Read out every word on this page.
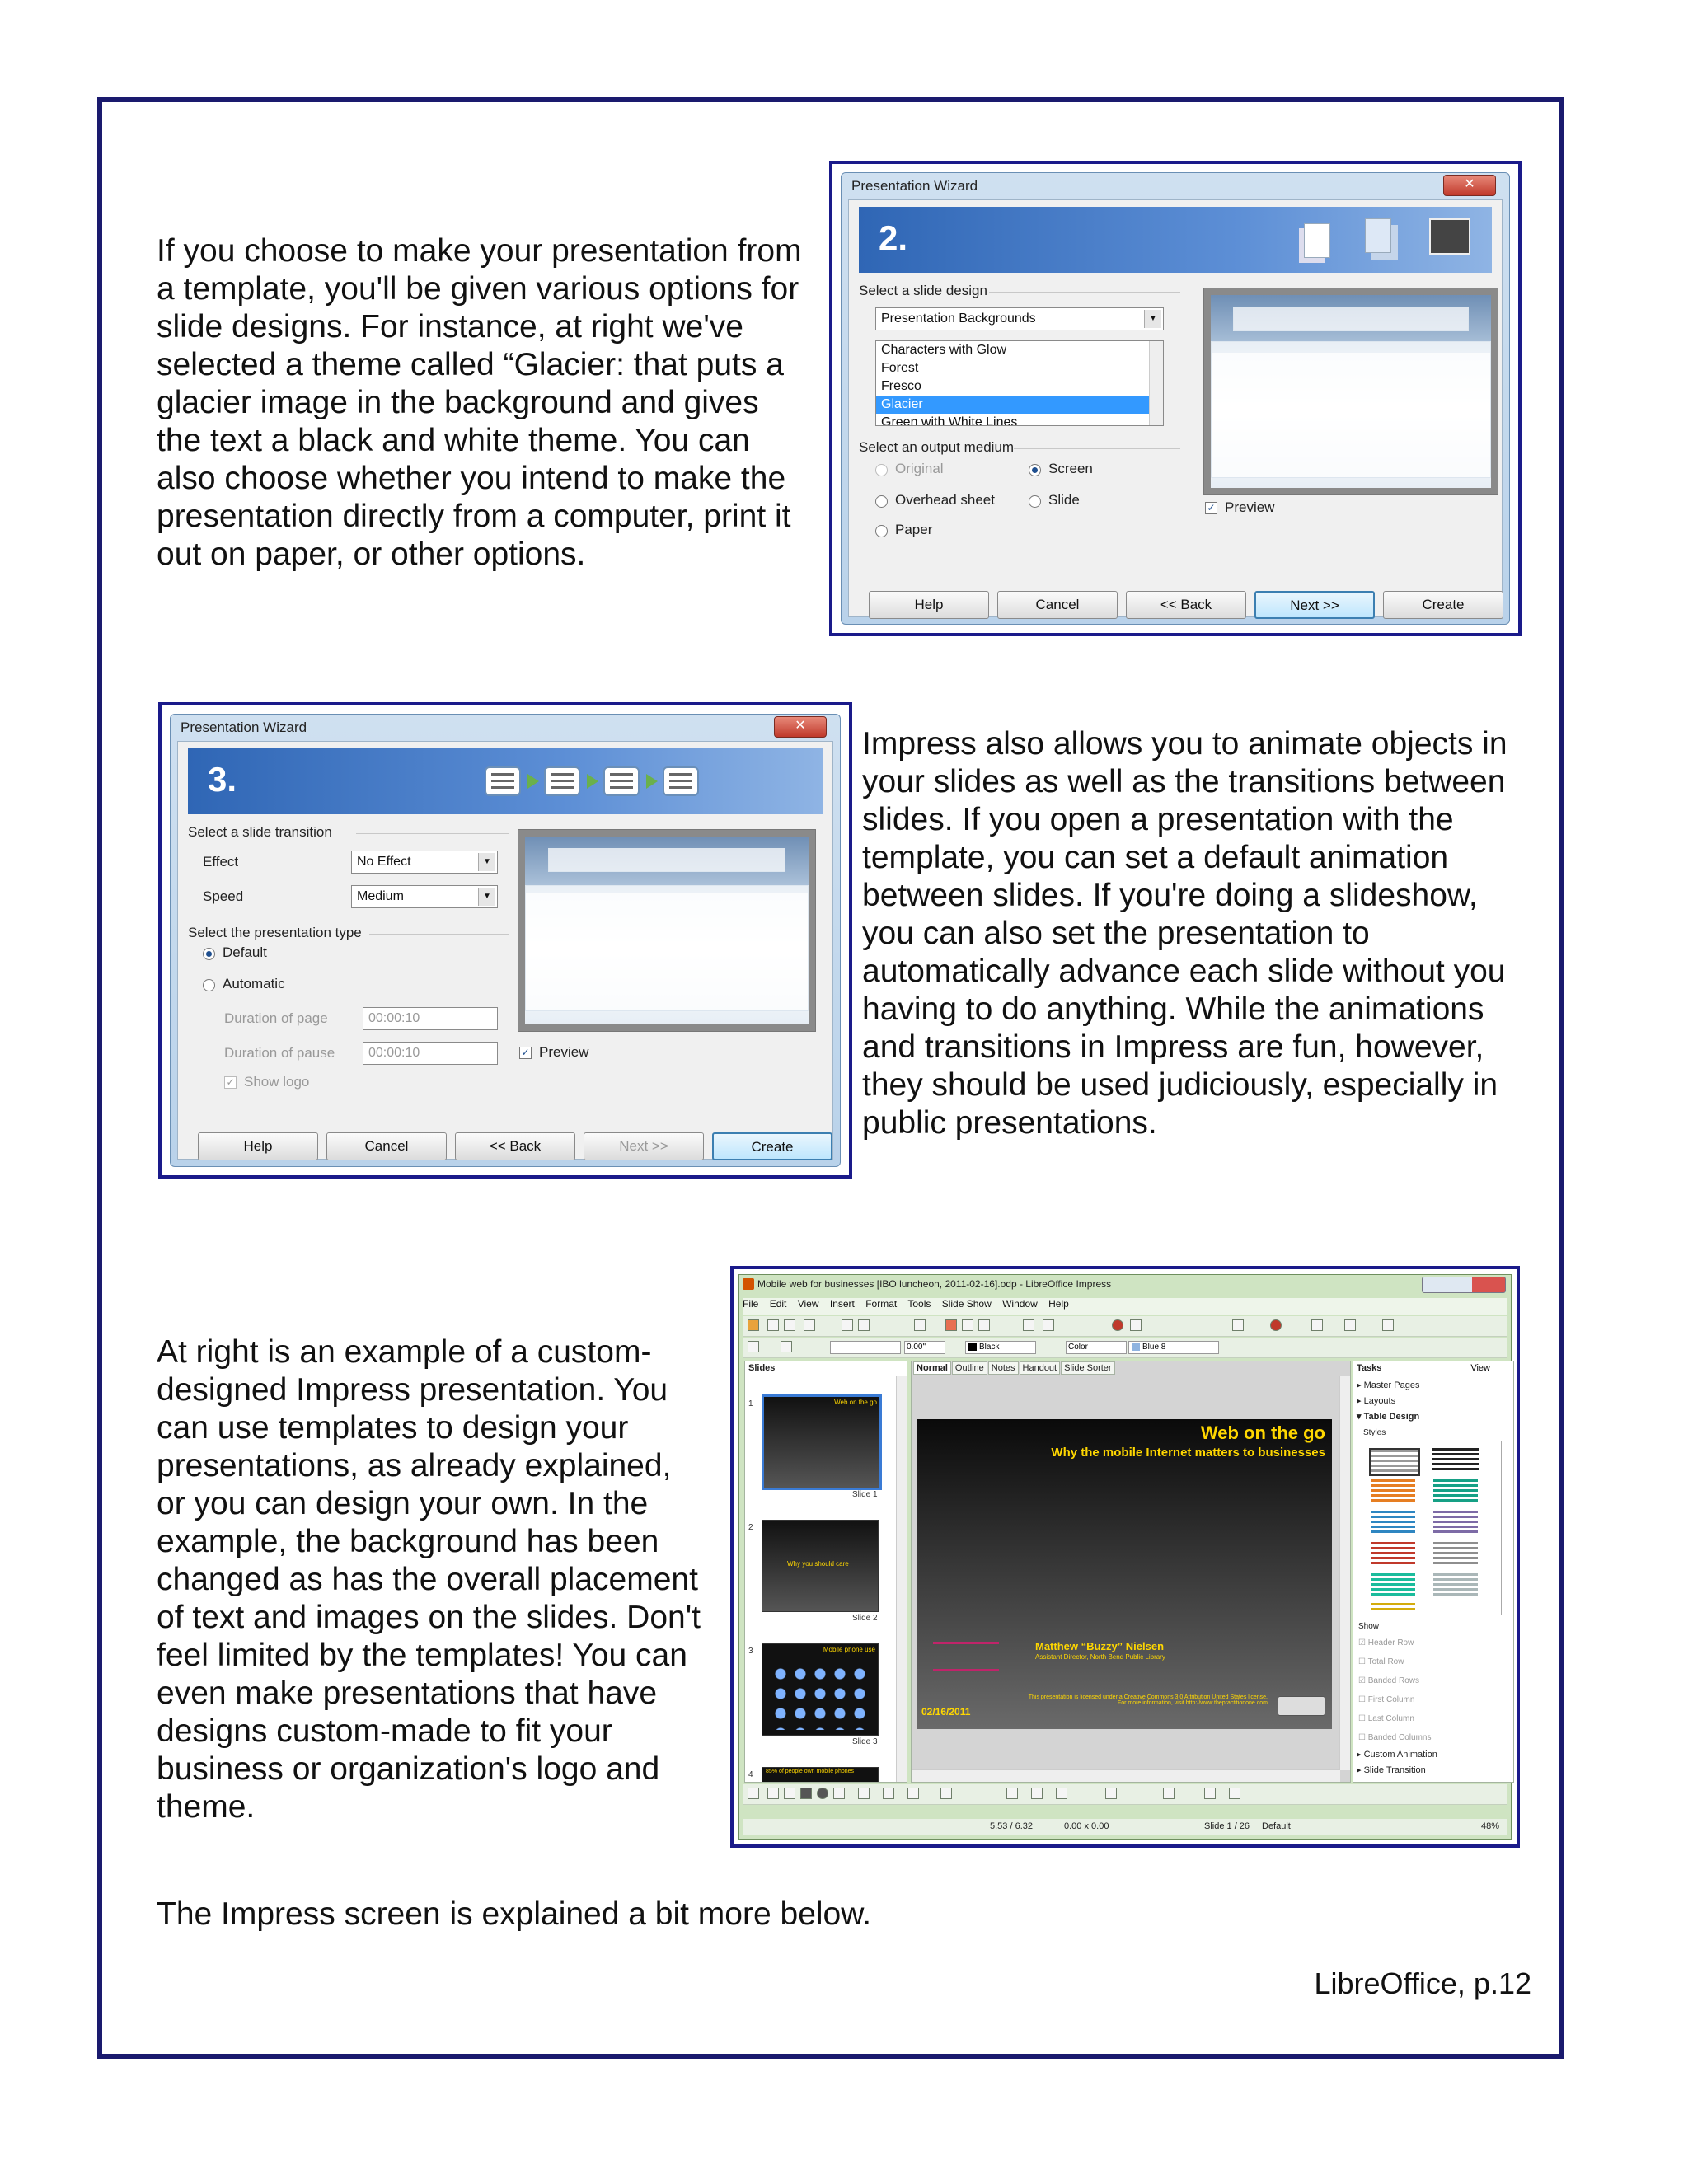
If you choose to make your presentation from
a template, you'll be given various options for
slide designs. For instance, at right we've
selected a theme called “Glacier: that puts a
glacier image in the background and gives
the text a black and white theme. You can
also choose whether you intend to make the
presentation directly from a computer, print it
out on paper, or other options.
Presentation Wizard	✕
2.
Select a slide design
Presentation Backgrounds	▼
Characters with Glow
Forest
Fresco
Glacier
Green with White Lines
Select an output medium
Original	Screen
Overhead sheet	Slide
Paper
✓ Preview
Help	Cancel	<< Back	Next >>	Create
Presentation Wizard	✕
3.
Select a slide transition
Effect	No Effect	▼
Speed	Medium	▼
Select the presentation type
Default
Automatic
Duration of page	00:00:10
Duration of pause	00:00:10
✓ Show logo
✓ Preview
Help	Cancel	<< Back	Next >>	Create
Impress also allows you to animate objects in
your slides as well as the transitions between
slides. If you open a presentation with the
template, you can set a default animation
between slides. If you're doing a slideshow,
you can also set the presentation to
automatically advance each slide without you
having to do anything. While the animations
and transitions in Impress are fun, however,
they should be used judiciously, especially in
public presentations.
At right is an example of a custom-
designed Impress presentation. You
can use templates to design your
presentations, as already explained,
or you can design your own. In the
example, the background has been
changed as has the overall placement
of text and images on the slides. Don't
feel limited by the templates! You can
even make presentations that have
designs custom-made to fit your
business or organization's logo and
theme.
Mobile web for businesses [IBO luncheon, 2011-02-16].odp - LibreOffice Impress
File Edit View Insert Format Tools Slide Show Window Help
0.00"	Black	Color	Blue 8
Slides
1	Web on the go
Slide 1
2
Why you should care
Slide 2
3	Mobile phone use
Slide 3
4 85% of people own mobile phones
Normal Outline Notes Handout Slide Sorter
Web on the go
Why the mobile Internet matters to businesses
Matthew “Buzzy” Nielsen
Assistant Director, North Bend Public Library
02/16/2011
This presentation is licensed under a Creative Commons 3.0 Attribution United States license. For more information, visit http://www.thepractitionone.com
Tasks	View
▸ Master Pages
▸ Layouts
▾ Table Design
Styles
Show
☑ Header Row
☐ Total Row
☑ Banded Rows
☐ First Column
☐ Last Column
☐ Banded Columns
▸ Custom Animation
▸ Slide Transition
5.53 / 6.32	0.00 x 0.00	Slide 1 / 26 Default	48%
The Impress screen is explained a bit more below.
LibreOffice, p.12
